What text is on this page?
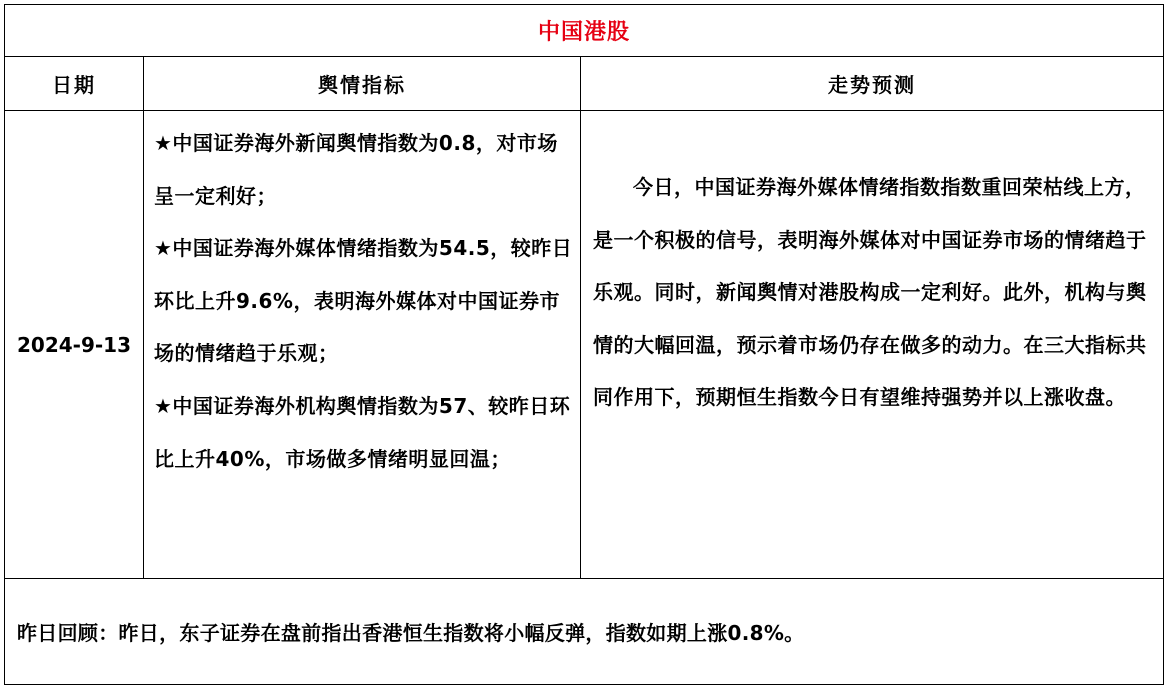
中国港股
日期	舆情指标	走势预测
2024-9-13

★中国证券海外新闻舆情指数为0.8，对市场呈一定利好；

★中国证券海外媒体情绪指数为54.5，较昨日环比上升9.6%，表明海外媒体对中国证券市场的情绪趋于乐观；

★中国证券海外机构舆情指数为57、较昨日环比上升40%，市场做多情绪明显回温；

今日，中国证券海外媒体情绪指数指数重回荣枯线上方，是一个积极的信号，表明海外媒体对中国证券市场的情绪趋于乐观。同时，新闻舆情对港股构成一定利好。此外，机构与舆情的大幅回温，预示着市场仍存在做多的动力。在三大指标共同作用下，预期恒生指数今日有望维持强势并以上涨收盘。

昨日回顾：昨日，东子证券在盘前指出香港恒生指数将小幅反弹，指数如期上涨0.8%。
